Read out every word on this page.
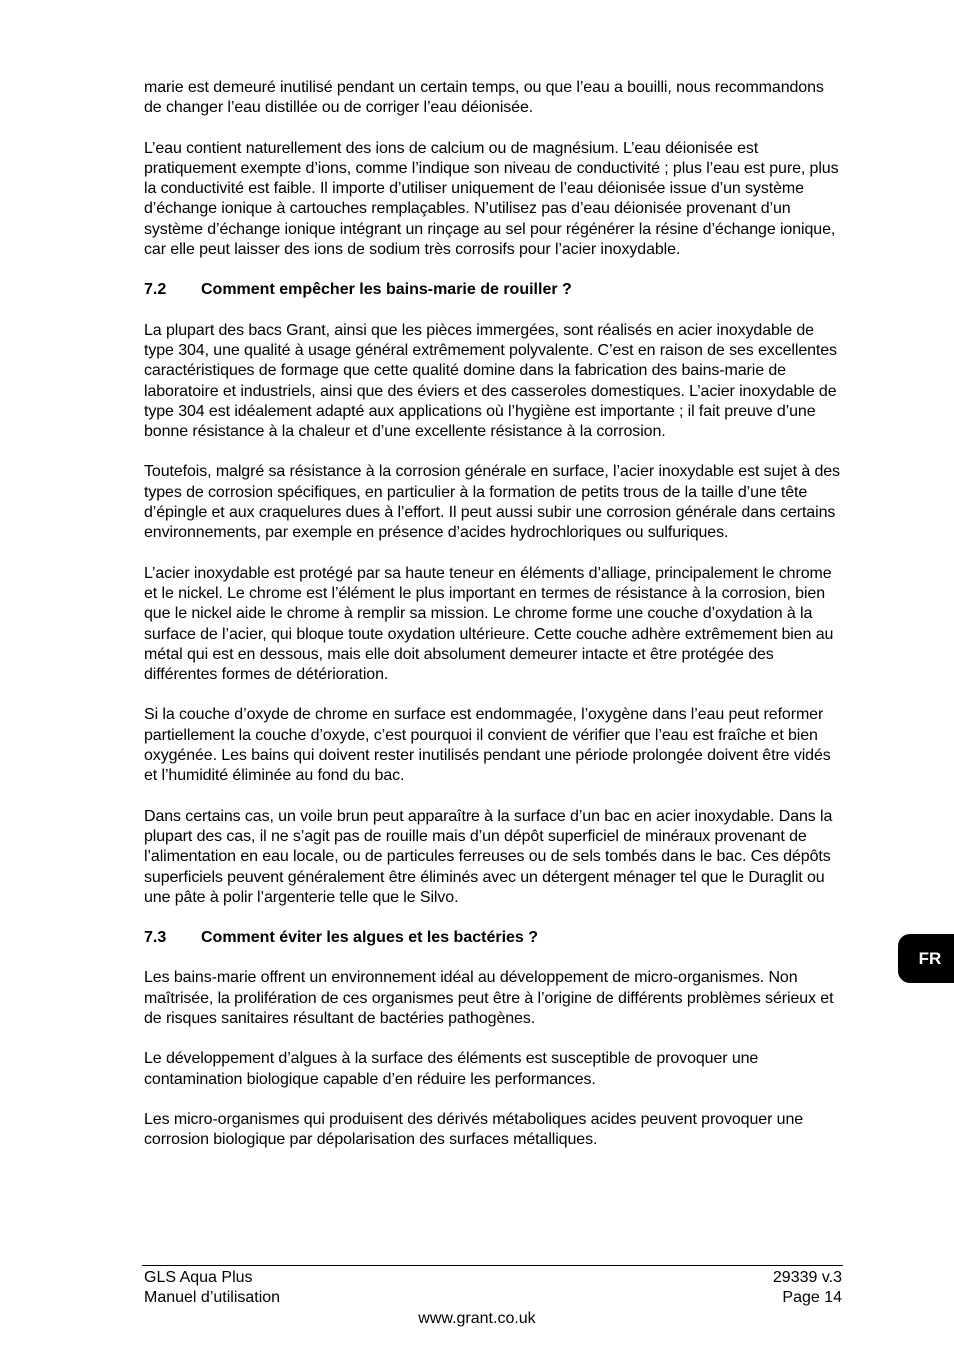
marie est demeuré inutilisé pendant un certain temps, ou que l’eau a bouilli, nous recommandons de changer l’eau distillée ou de corriger l’eau déionisée.

L’eau contient naturellement des ions de calcium ou de magnésium. L’eau déionisée est pratiquement exempte d’ions, comme l’indique son niveau de conductivité ; plus l’eau est pure, plus la conductivité est faible. Il importe d’utiliser uniquement de l’eau déionisée issue d’un système d’échange ionique à cartouches remplaçables. N’utilisez pas d’eau déionisée provenant d’un système d’échange ionique intégrant un rinçage au sel pour régénérer la résine d’échange ionique, car elle peut laisser des ions de sodium très corrosifs pour l’acier inoxydable.

7.2	Comment empêcher les bains-marie de rouiller ?

La plupart des bacs Grant, ainsi que les pièces immergées, sont réalisés en acier inoxydable de type 304, une qualité à usage général extrêmement polyvalente. C’est en raison de ses excellentes caractéristiques de formage que cette qualité domine dans la fabrication des bains-marie de laboratoire et industriels, ainsi que des éviers et des casseroles domestiques. L’acier inoxydable de type 304 est idéalement adapté aux applications où l’hygiène est importante ; il fait preuve d’une bonne résistance à la chaleur et d’une excellente résistance à la corrosion.

Toutefois, malgré sa résistance à la corrosion générale en surface, l’acier inoxydable est sujet à des types de corrosion spécifiques, en particulier à la formation de petits trous de la taille d’une tête d’épingle et aux craquelures dues à l’effort. Il peut aussi subir une corrosion générale dans certains environnements, par exemple en présence d’acides hydrochloriques ou sulfuriques.

L’acier inoxydable est protégé par sa haute teneur en éléments d’alliage, principalement le chrome et le nickel. Le chrome est l’élément le plus important en termes de résistance à la corrosion, bien que le nickel aide le chrome à remplir sa mission. Le chrome forme une couche d’oxydation à la surface de l’acier, qui bloque toute oxydation ultérieure. Cette couche adhère extrêmement bien au métal qui est en dessous, mais elle doit absolument demeurer intacte et être protégée des différentes formes de détérioration.

Si la couche d’oxyde de chrome en surface est endommagée, l’oxygène dans l’eau peut reformer partiellement la couche d’oxyde, c’est pourquoi il convient de vérifier que l’eau est fraîche et bien oxygénée. Les bains qui doivent rester inutilisés pendant une période prolongée doivent être vidés et l’humidité éliminée au fond du bac.

Dans certains cas, un voile brun peut apparaître à la surface d’un bac en acier inoxydable. Dans la plupart des cas, il ne s’agit pas de rouille mais d’un dépôt superficiel de minéraux provenant de l’alimentation en eau locale, ou de particules ferreuses ou de sels tombés dans le bac. Ces dépôts superficiels peuvent généralement être éliminés avec un détergent ménager tel que le Duraglit ou une pâte à polir l’argenterie telle que le Silvo.

7.3	Comment éviter les algues et les bactéries ?

Les bains-marie offrent un environnement idéal au développement de micro-organismes. Non maîtrisée, la prolifération de ces organismes peut être à l’origine de différents problèmes sérieux et de risques sanitaires résultant de bactéries pathogènes.

Le développement d’algues à la surface des éléments est susceptible de provoquer une contamination biologique capable d’en réduire les performances.

Les micro-organismes qui produisent des dérivés métaboliques acides peuvent provoquer une corrosion biologique par dépolarisation des surfaces métalliques.

FR
GLS Aqua Plus
Manuel d’utilisation
29339 v.3
Page 14
www.grant.co.uk
